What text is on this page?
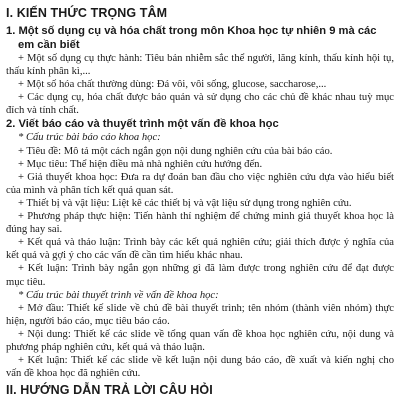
I. KIẾN THỨC TRỌNG TÂM
1. Một số dụng cụ và hóa chất trong môn Khoa học tự nhiên 9 mà các em cần biết

+ Một số dụng cụ thực hành: Tiêu bản nhiễm sắc thể người, lăng kính, thấu kính hội tụ, thấu kính phân kì,...

+ Một số hóa chất thường dùng: Đá vôi, vôi sống, glucose, saccharose,...

+ Các dụng cụ, hóa chất được bảo quản và sử dụng cho các chủ đề khác nhau tuỳ mục đích và tính chất.

2. Viết báo cáo và thuyết trình một vấn đề khoa học

* Cấu trúc bài báo cáo khoa học:

+ Tiêu đề: Mô tả một cách ngắn gọn nội dung nghiên cứu của bài báo cáo.

+ Mục tiêu: Thể hiện điều mà nhà nghiên cứu hướng đến.

+ Giả thuyết khoa học: Đưa ra dự đoán ban đầu cho việc nghiên cứu dựa vào hiểu biết của mình và phân tích kết quả quan sát.

+ Thiết bị và vật liệu: Liệt kê các thiết bị và vật liệu sử dụng trong nghiên cứu.

+ Phương pháp thực hiện: Tiến hành thí nghiệm để chứng minh giả thuyết khoa học là đúng hay sai.

+ Kết quả và thảo luận: Trình bày các kết quả nghiên cứu; giải thích được ý nghĩa của kết quả và gợi ý cho các vấn đề cần tìm hiểu khác nhau.

+ Kết luận: Trình bày ngắn gọn những gì đã làm được trong nghiên cứu để đạt được mục tiêu.

* Cấu trúc bài thuyết trình về vấn đề khoa học:

+ Mở đầu: Thiết kế slide về chủ đề bài thuyết trình; tên nhóm (thành viên nhóm) thực hiện, người báo cáo, mục tiêu báo cáo.

+ Nội dung: Thiết kế các slide về tổng quan vấn đề khoa học nghiên cứu, nội dung và phương pháp nghiên cứu, kết quả và thảo luận.

+ Kết luận: Thiết kế các slide về kết luận nội dung báo cáo, đề xuất và kiến nghị cho vấn đề khoa học đã nghiên cứu.

II. HƯỚNG DẪN TRẢ LỜI CÂU HỎI
